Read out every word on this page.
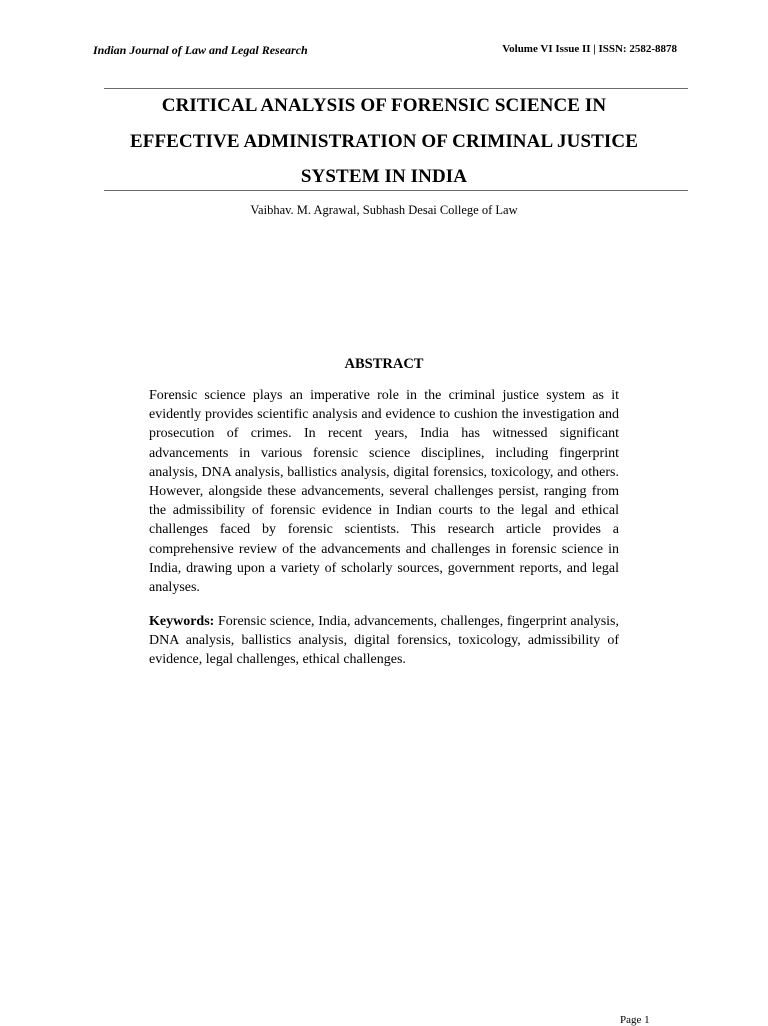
Indian Journal of Law and Legal Research	Volume VI Issue II | ISSN: 2582-8878
CRITICAL ANALYSIS OF FORENSIC SCIENCE IN
EFFECTIVE ADMINISTRATION OF CRIMINAL JUSTICE
SYSTEM IN INDIA
Vaibhav. M. Agrawal, Subhash Desai College of Law
ABSTRACT

Forensic science plays an imperative role in the criminal justice system as it evidently provides scientific analysis and evidence to cushion the investigation and prosecution of crimes. In recent years, India has witnessed significant advancements in various forensic science disciplines, including fingerprint analysis, DNA analysis, ballistics analysis, digital forensics, toxicology, and others. However, alongside these advancements, several challenges persist, ranging from the admissibility of forensic evidence in Indian courts to the legal and ethical challenges faced by forensic scientists. This research article provides a comprehensive review of the advancements and challenges in forensic science in India, drawing upon a variety of scholarly sources, government reports, and legal analyses.

Keywords: Forensic science, India, advancements, challenges, fingerprint analysis, DNA analysis, ballistics analysis, digital forensics, toxicology, admissibility of evidence, legal challenges, ethical challenges.

Page 1
